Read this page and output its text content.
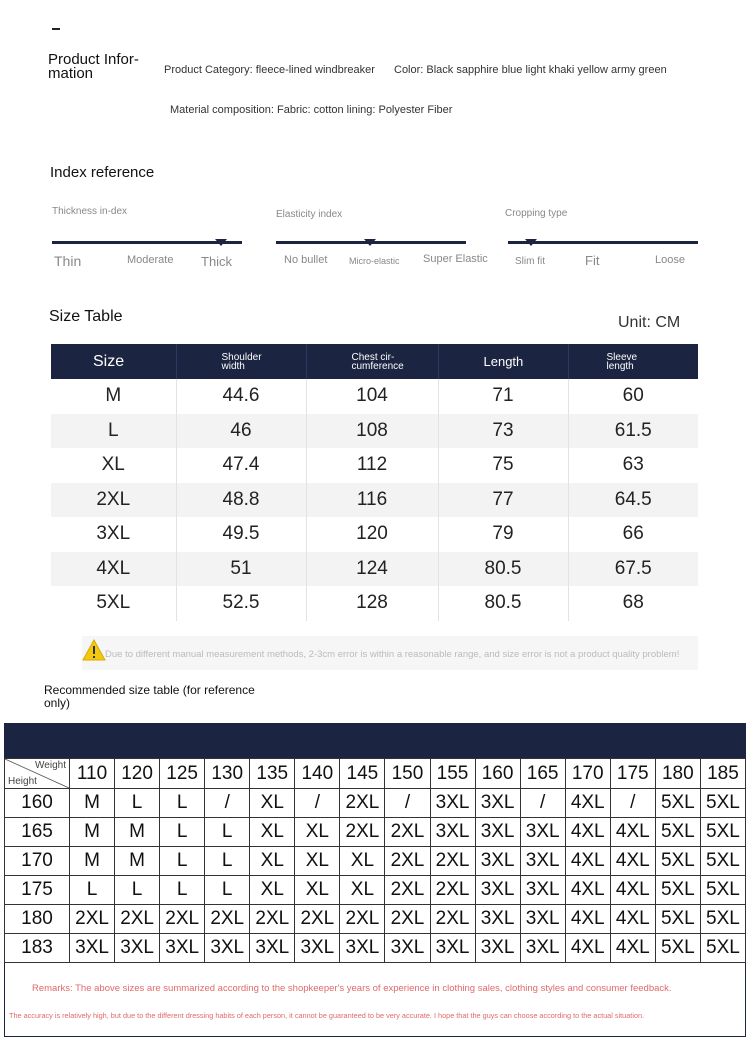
Product Infor-mation	Product Category: fleece-lined windbreaker Color: Black sapphire blue light khaki yellow army green
Material composition: Fabric: cotton lining: Polyester Fiber
Index reference
Thickness in-dex
Thin	Moderate Thick
Elasticity index
No bullet Micro-elastic Super Elastic
Cropping type
Slim fit	Fit	Loose
Size Table	Unit: CM
Size	Shoulder width	Chest cir-cumference	Length	Sleeve length

M	44.6	104	71	60
L	46	108	73	61.5
XL	47.4	112	75	63
2XL	48.8	116	77	64.5
3XL	49.5	120	79	66
4XL	51	124	80.5	67.5
5XL	52.5	128	80.5	68
Due to different manual measurement methods, 2-3cm error is within a reasonable range, and size error is not a product quality problem!
Recommended size table (for reference only)
Weight
Height	110	120	125	130	135	140	145	150	155	160	165	170	175	180	185
160	M	L	L	/	XL	/	2XL	/	3XL	3XL	/	4XL	/	5XL	5XL
165	M	M	L	L	XL	XL	2XL	2XL	3XL	3XL	3XL	4XL	4XL	5XL	5XL
170	M	M	L	L	XL	XL	XL	2XL	2XL	3XL	3XL	4XL	4XL	5XL	5XL
175	L	L	L	L	XL	XL	XL	2XL	2XL	3XL	3XL	4XL	4XL	5XL	5XL
180	2XL	2XL	2XL	2XL	2XL	2XL	2XL	2XL	2XL	3XL	3XL	4XL	4XL	5XL	5XL
183	3XL	3XL	3XL	3XL	3XL	3XL	3XL	3XL	3XL	3XL	3XL	4XL	4XL	5XL	5XL
Remarks: The above sizes are summarized according to the shopkeeper's years of experience in clothing sales, clothing styles and consumer feedback.
The accuracy is relatively high, but due to the different dressing habits of each person, it cannot be guaranteed to be very accurate. I hope that the guys can choose according to the actual situation.
